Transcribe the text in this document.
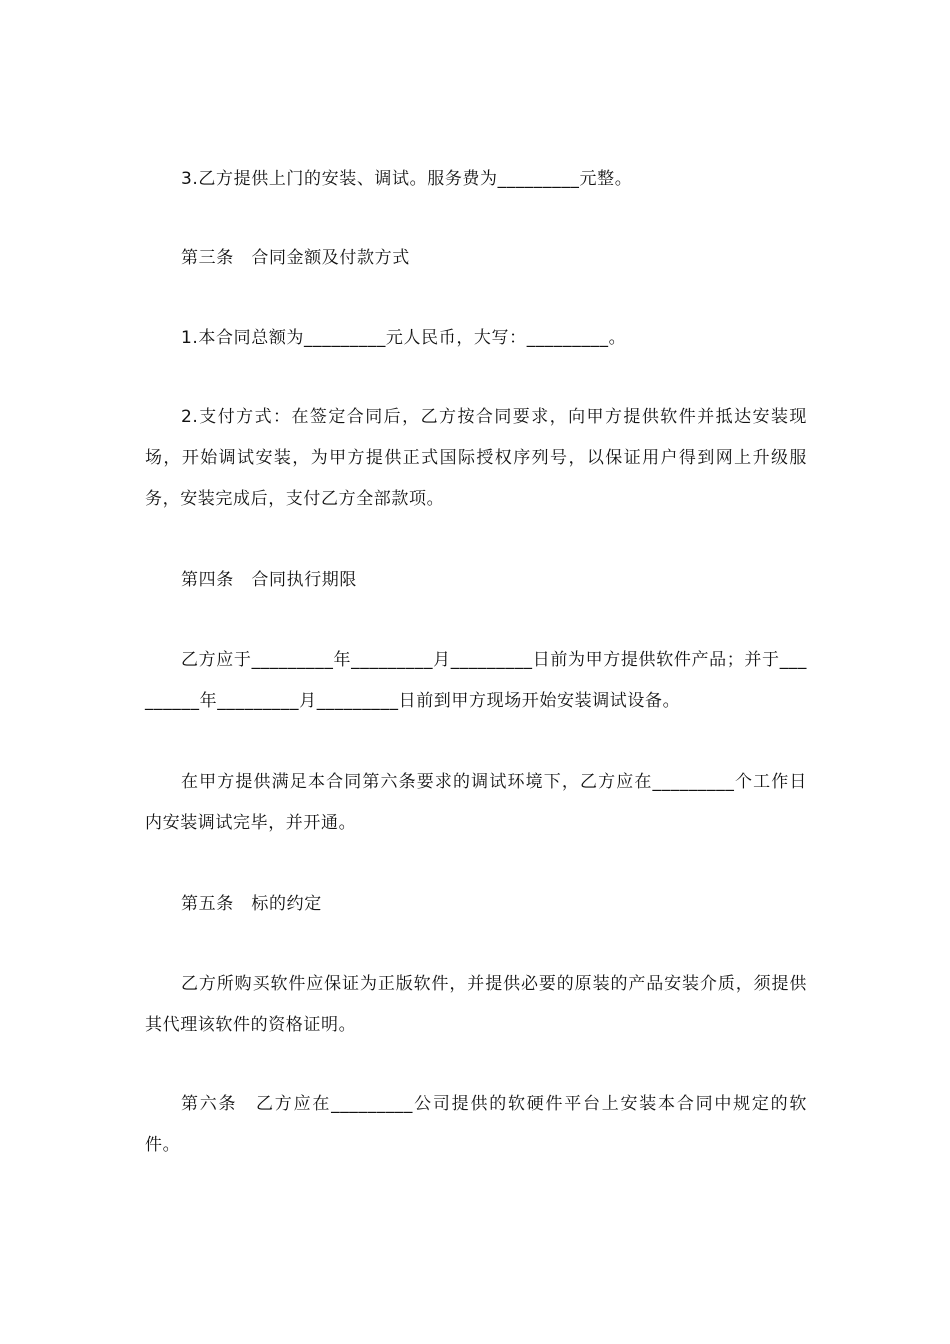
3.乙方提供上门的安装、调试。服务费为_________元整。

第三条　合同金额及付款方式

1.本合同总额为_________元人民币，大写：_________。

2.支付方式：在签定合同后，乙方按合同要求，向甲方提供软件并抵达安装现场，开始调试安装，为甲方提供正式国际授权序列号，以保证用户得到网上升级服务，安装完成后，支付乙方全部款项。

第四条　合同执行期限

乙方应于_________年_________月_________日前为甲方提供软件产品；并于_________年_________月_________日前到甲方现场开始安装调试设备。

在甲方提供满足本合同第六条要求的调试环境下，乙方应在_________个工作日内安装调试完毕，并开通。

第五条　标的约定

乙方所购买软件应保证为正版软件，并提供必要的原装的产品安装介质，须提供其代理该软件的资格证明。

第六条　乙方应在_________公司提供的软硬件平台上安装本合同中规定的软件。
